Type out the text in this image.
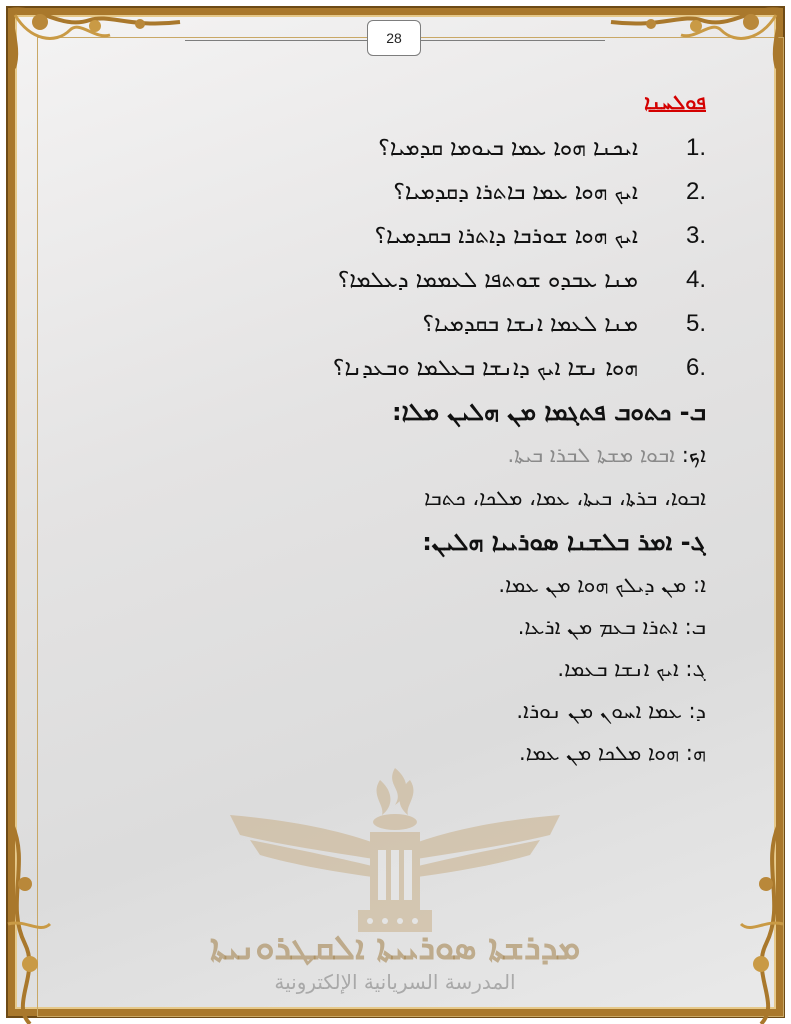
28
ܡܕܪܫܬܐ ܣܘܪܝܝܬܐ ܐܠܩܛܪܘܢܝܬܐ
المدرسة السريانية الإلكترونية
ܦܘܠܚܢܐ
ܐܝܟܢܐ ܗܘܐ ܥܡܐ ܒܝܘܡܐ ܩܕܡܝܐ؟	1.
ܐܝܟ ܗܘܐ ܥܡܐ ܒܐܬܪܐ ܕܩܕܡܝܐ؟	2.
ܐܝܟ ܗܘܐ ܫܘܪܒܐ ܕܐܬܪܐ ܒܩܕܡܝܐ؟	3.
ܡܢܐ ܥܒܕܘ ܫܘܬܦܐ ܠܥܡܡܐ ܕܥܠܡܐ؟	4.
ܡܢܐ ܠܥܡܐ ܐܢܫܐ ܒܩܕܡܝܐ؟	5.
ܗܘܐ ܢܫܐ ܐܝܟ ܕܐܢܫܐ ܒܥܠܡܐ ܘܒܥܕܢܐ؟	6.
ܒ- ܟܬܘܒ ܦܬܓܡܐ ܡܢ ܗܠܝܢ ܡܠܐ:
ܐܟ: ܐܒܘܐ ܡܫܬܐ ܠܒܪܐ ܒܝܬܐ.
ܐܒܘܐ، ܒܪܬܐ، ܒܝܬܐ، ܥܡܐ، ܡܠܟܐ، ܟܬܒܐ
ܓ- ܐܡܪ ܒܠܫܢܐ ܣܘܪܝܝܐ ܗܠܝܢ:
ܐ: ܡܢ ܕܝܠܟ ܗܘܐ ܡܢ ܥܡܐ.
ܒ: ܐܬܪܐ ܒܥܡ ܡܢ ܐܪܥܐ.
ܓ: ܐܝܟ ܐܢܫܐ ܒܥܡܐ.
ܕ: ܥܡܐ ܐܚܘܢ ܡܢ ܢܘܪܐ.
ܗ: ܗܘܐ ܡܠܟܐ ܡܢ ܥܡܐ.
